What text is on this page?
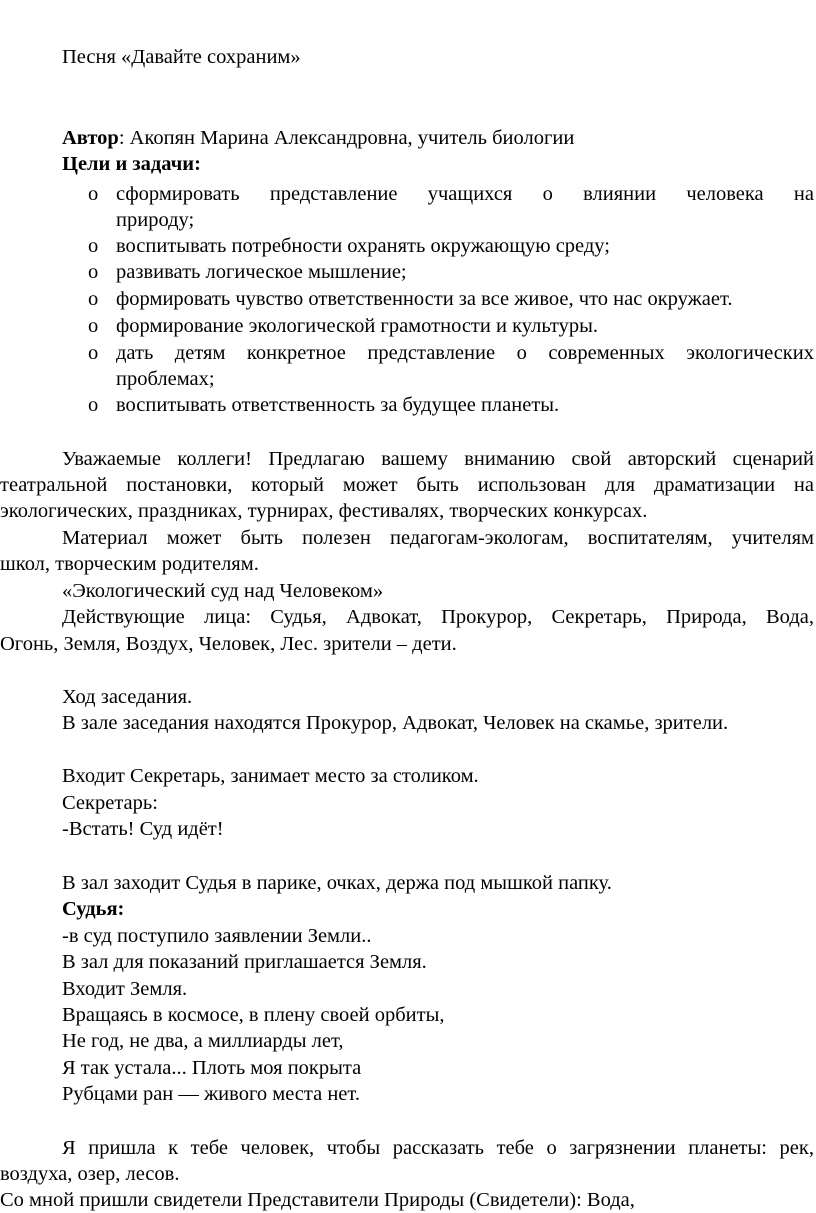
Песня «Давайте сохраним»
Автор: Акопян Марина Александровна, учитель биологии
Цели и задачи:
o сформировать представление учащихся о влиянии человека на
природу;
o воспитывать потребности охранять окружающую среду;
o развивать логическое мышление;
o формировать чувство ответственности за все живое, что нас окружает.
o формирование экологической грамотности и культуры.
o дать детям конкретное представление о современных экологических
проблемах;
o воспитывать ответственность за будущее планеты.
Уважаемые коллеги! Предлагаю вашему вниманию свой авторский сценарий
театральной постановки, который может быть использован для драматизации на
экологических, праздниках, турнирах, фестивалях, творческих конкурсах.
Материал может быть полезен педагогам-экологам, воспитателям, учителям
школ, творческим родителям.
«Экологический суд над Человеком»
Действующие лица: Судья, Адвокат, Прокурор, Секретарь, Природа, Вода,
Огонь, Земля, Воздух, Человек, Лес. зрители – дети.
Ход заседания.
В зале заседания находятся Прокурор, Адвокат, Человек на скамье, зрители.
Входит Секретарь, занимает место за столиком.
Секретарь:
-Встать! Суд идёт!
В зал заходит Судья в парике, очках, держа под мышкой папку.
Судья:
-в суд поступило заявлении Земли..
В зал для показаний приглашается Земля.
Входит Земля.
Вращаясь в космосе, в плену своей орбиты,
Не год, не два, а миллиарды лет,
Я так устала... Плоть моя покрыта
Рубцами ран — живого места нет.
Я пришла к тебе человек, чтобы рассказать тебе о загрязнении планеты: рек,
воздуха, озер, лесов.
Со мной пришли свидетели Представители Природы (Свидетели): Вода,
